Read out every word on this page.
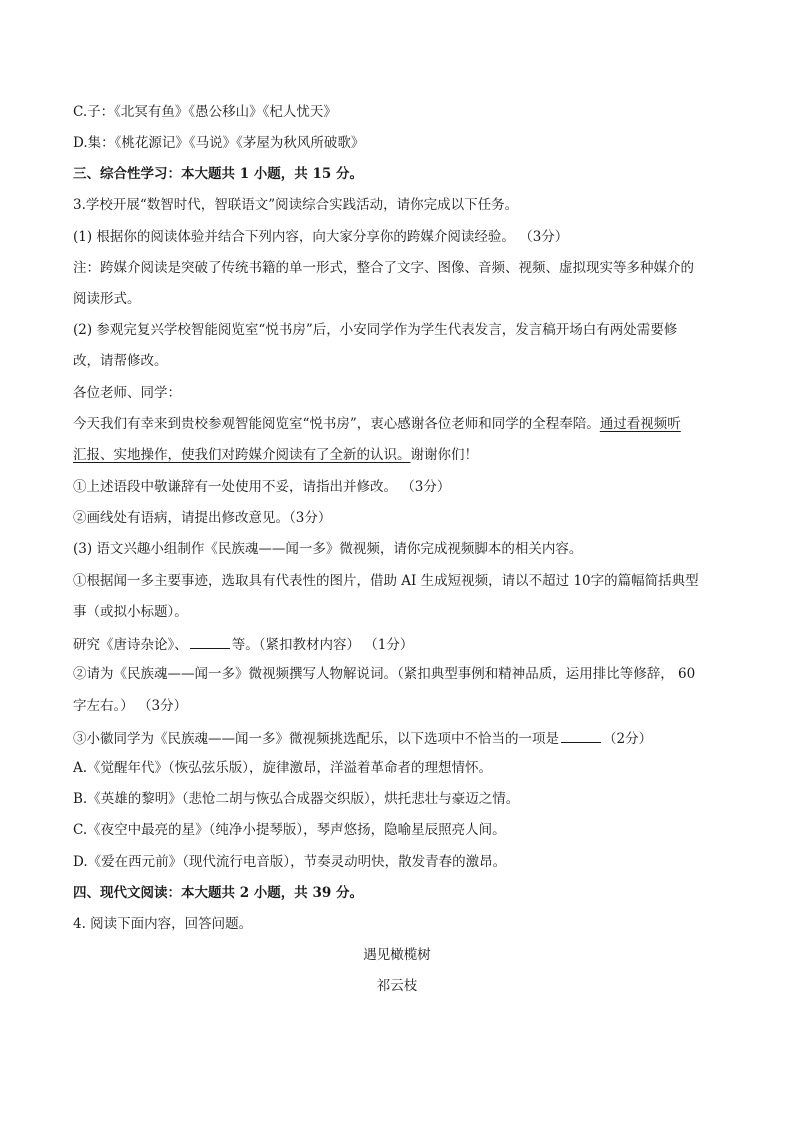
C.子：《北冥有鱼》《愚公移山》《杞人忧天》

D.集：《桃花源记》《马说》《茅屋为秋风所破歌》

三、综合性学习：本大题共 1 小题，共 15 分。

3.学校开展“数智时代，智联语文”阅读综合实践活动，请你完成以下任务。

(1) 根据你的阅读体验并结合下列内容，向大家分享你的跨媒介阅读经验。 （3分）

注：跨媒介阅读是突破了传统书籍的单一形式，整合了文字、图像、音频、视频、虚拟现实等多种媒介的

阅读形式。

(2) 参观完复兴学校智能阅览室“悦书房”后，小安同学作为学生代表发言，发言稿开场白有两处需要修

改，请帮修改。

各位老师、同学：

今天我们有幸来到贵校参观智能阅览室“悦书房”，衷心感谢各位老师和同学的全程奉陪。通过看视频听

汇报、实地操作，使我们对跨媒介阅读有了全新的认识。谢谢你们！

①上述语段中敬谦辞有一处使用不妥，请指出并修改。 （3分）

②画线处有语病，请提出修改意见。（3分）

(3) 语文兴趣小组制作《民族魂——闻一多》微视频，请你完成视频脚本的相关内容。

①根据闻一多主要事迹，选取具有代表性的图片，借助 AI 生成短视频，请以不超过 10字的篇幅简括典型

事（或拟小标题）。

研究《唐诗杂论》、	等。（紧扣教材内容） （1分）

②请为《民族魂——闻一多》微视频撰写人物解说词。（紧扣典型事例和精神品质，运用排比等修辞， 60

字左右。） （3分）

③小徽同学为《民族魂——闻一多》微视频挑选配乐，以下选项中不恰当的一项是	（2分）

A.《觉醒年代》（恢弘弦乐版），旋律激昂，洋溢着革命者的理想情怀。

B.《英雄的黎明》（悲怆二胡与恢弘合成器交织版），烘托悲壮与豪迈之情。

C.《夜空中最亮的星》（纯净小提琴版），琴声悠扬，隐喻星辰照亮人间。

D.《爱在西元前》（现代流行电音版），节奏灵动明快，散发青春的激昂。

四、现代文阅读：本大题共 2 小题，共 39 分。

4. 阅读下面内容，回答问题。

遇见橄榄树

祁云枝
